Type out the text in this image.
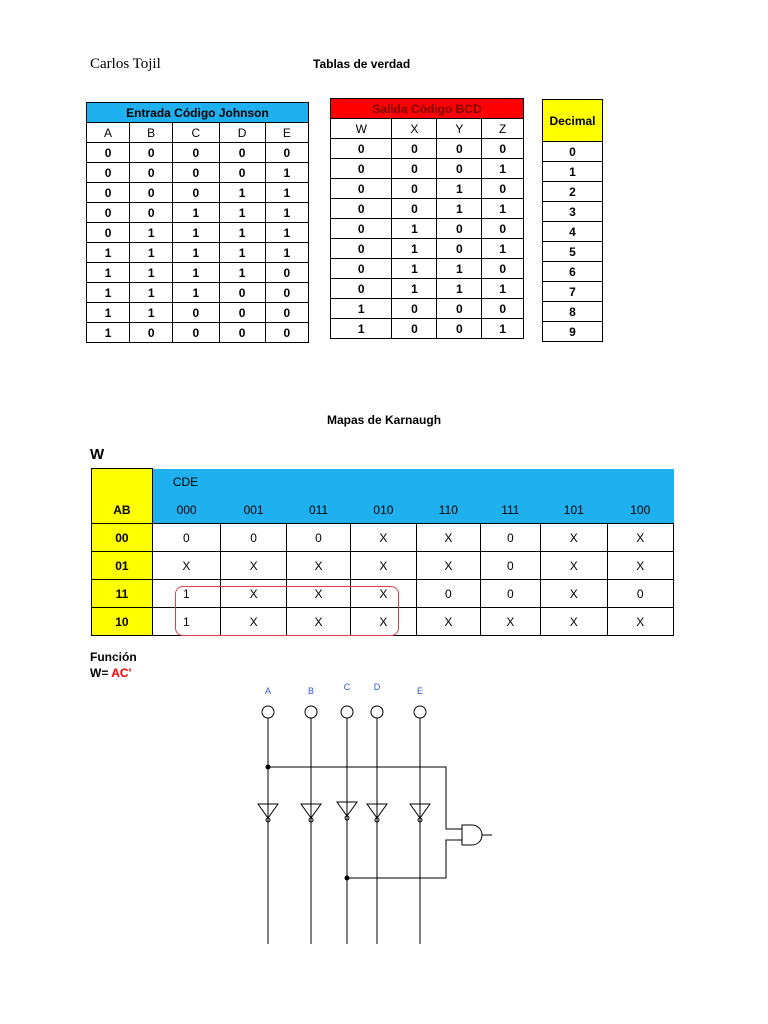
Carlos Tojil	Tablas de verdad
Entrada Código Johnson				
A	B	C	D	E
0	0	0	0	0
0	0	0	0	1
0	0	0	1	1
0	0	1	1	1
0	1	1	1	1
1	1	1	1	1
1	1	1	1	0
1	1	1	0	0
1	1	0	0	0
1	0	0	0	0
Salida Código BCD			
W	X	Y	Z
0	0	0	0
0	0	0	1
0	0	1	0
0	0	1	1
0	1	0	0
0	1	0	1
0	1	1	0
0	1	1	1
1	0	0	0
1	0	0	1
Decimal
0
1
2
3
4
5
6
7
8
9
Mapas de Karnaugh
W
	CDE							
AB	000	001	011	010	110	111	101	100
00	0	0	0	X	X	0	X	X
01	X	X	X	X	X	0	X	X
11	1	X	X	X	0	0	X	0
10	1	X	X	X	X	X	X	X
Función
W= AC'
A	B	C	D	E
